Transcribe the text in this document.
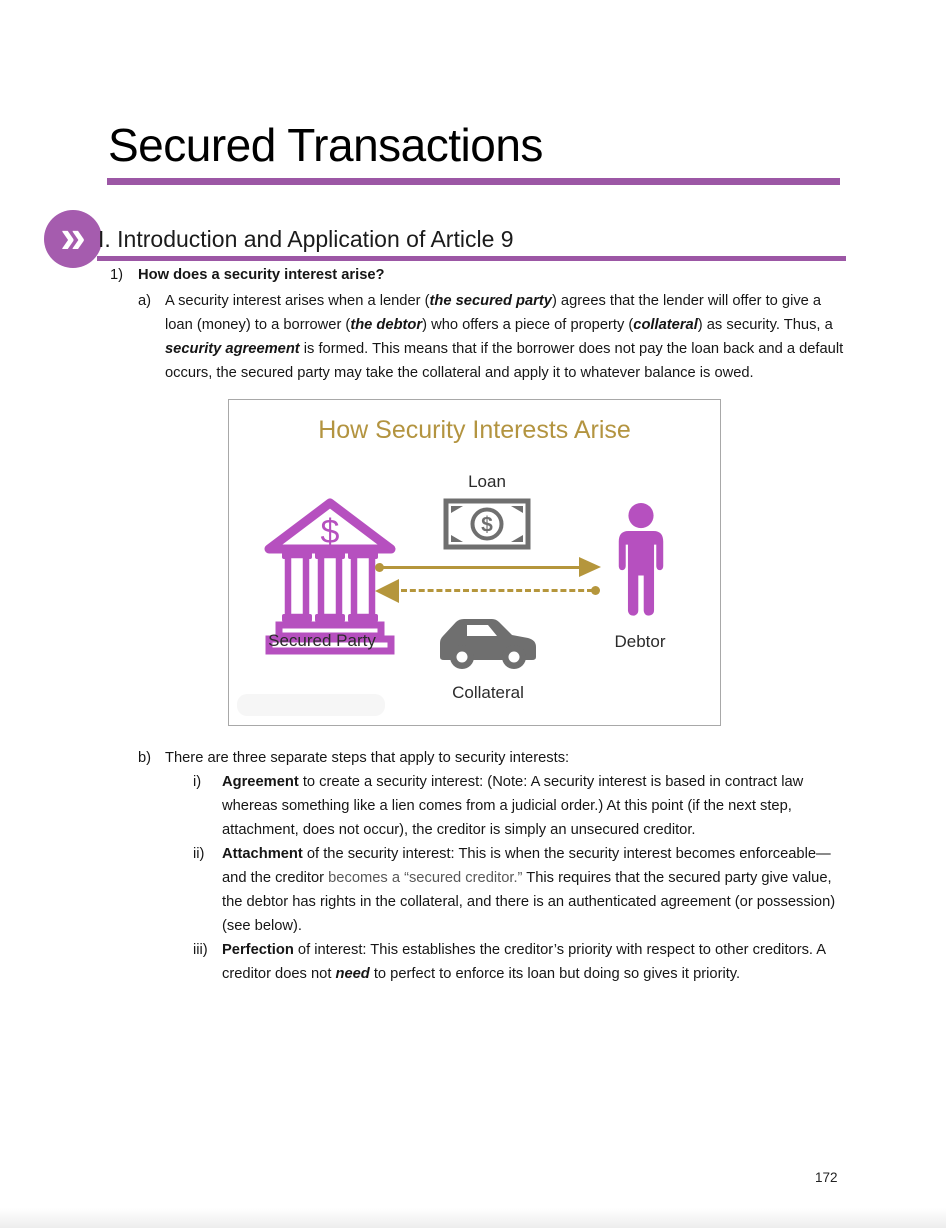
Secured Transactions
» I. Introduction and Application of Article 9
1)	How does a security interest arise?
a) A security interest arises when a lender (the secured party) agrees that the lender will offer to give a loan (money) to a borrower (the debtor) who offers a piece of property (collateral) as security. Thus, a security agreement is formed. This means that if the borrower does not pay the loan back and a default occurs, the secured party may take the collateral and apply it to whatever balance is owed.
How Security Interests Arise
Loan
$
$
Secured Party	Debtor
Collateral
b) There are three separate steps that apply to security interests:
i)	Agreement to create a security interest: (Note: A security interest is based in contract law whereas something like a lien comes from a judicial order.) At this point (if the next step, attachment, does not occur), the creditor is simply an unsecured creditor.
ii)	Attachment of the security interest: This is when the security interest becomes enforceable—and the creditor becomes a “secured creditor.” This requires that the secured party give value, the debtor has rights in the collateral, and there is an authenticated agreement (or possession) (see below).
iii) Perfection of interest: This establishes the creditor’s priority with respect to other creditors. A creditor does not need to perfect to enforce its loan but doing so gives it priority.
172
